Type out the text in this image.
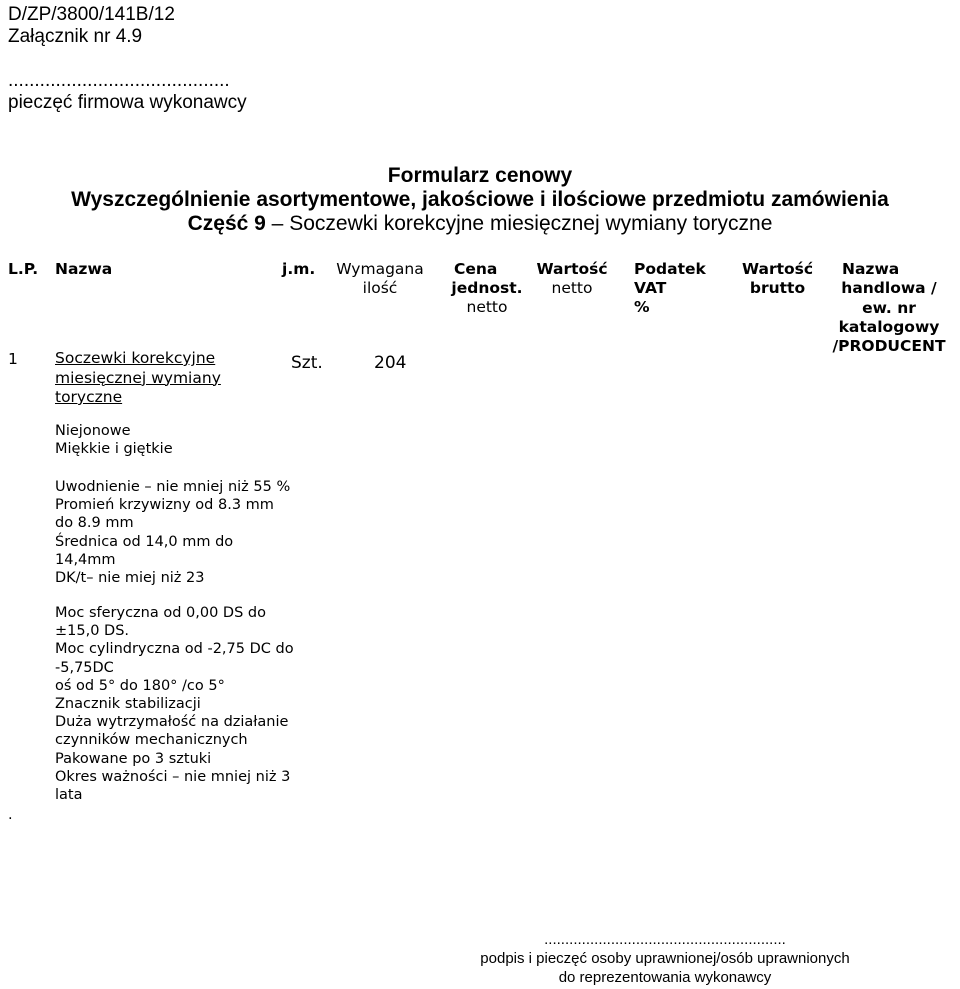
D/ZP/3800/141B/12
Załącznik nr 4.9
..........................................
pieczęć firmowa wykonawcy
Formularz cenowy
Wyszczególnienie asortymentowe, jakościowe i ilościowe przedmiotu zamówienia
Część 9 – Soczewki korekcyjne miesięcznej wymiany toryczne
L.P. Nazwa	j.m. Wymagana
ilość
Cena
jednost.
netto
Wartość
netto
Podatek
VAT
%
Wartość
brutto
Nazwa
handlowa /
ew. nr
katalogowy
/PRODUCENT
1 Soczewki korekcyjne
miesięcznej wymiany
toryczne
Szt.	204
Niejonowe
Miękkie i giętkie
Uwodnienie – nie mniej niż 55 %
Promień krzywizny od 8.3 mm
do 8.9 mm
Średnica od 14,0 mm do
14,4mm
DK/t– nie miej niż 23
Moc sferyczna od 0,00 DS do
±15,0 DS.
Moc cylindryczna od -2,75 DC do
-5,75DC
oś od 5° do 180° /co 5°
Znacznik stabilizacji
Duża wytrzymałość na działanie
czynników mechanicznych
Pakowane po 3 sztuki
Okres ważności – nie mniej niż 3
lata
.
..........................................................
podpis i pieczęć osoby uprawnionej/osób uprawnionych
do reprezentowania wykonawcy
